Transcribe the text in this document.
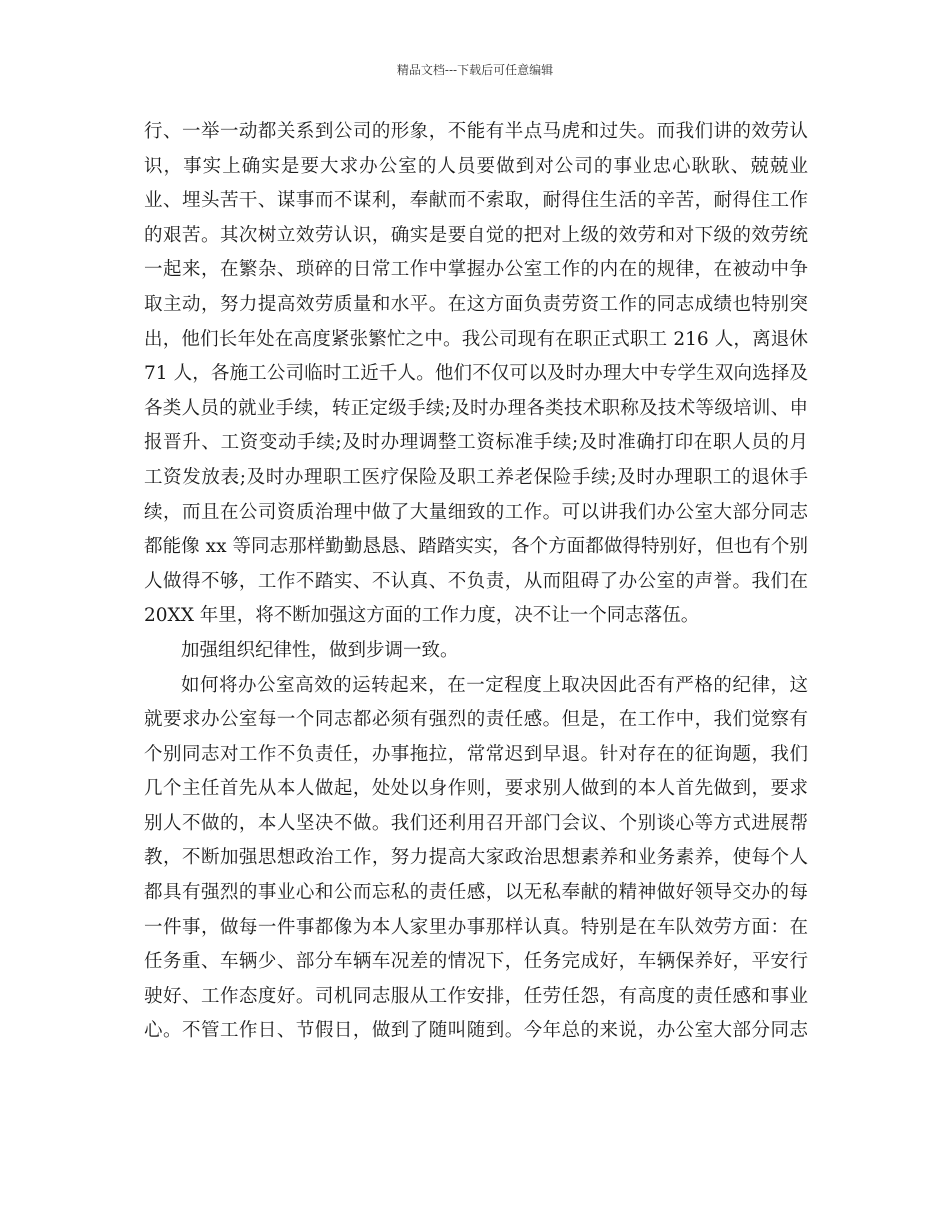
精品文档---下载后可任意编辑
行、一举一动都关系到公司的形象，不能有半点马虎和过失。而我们讲的效劳认
识，事实上确实是要大求办公室的人员要做到对公司的事业忠心耿耿、兢兢业
业、埋头苦干、谋事而不谋利，奉献而不索取，耐得住生活的辛苦，耐得住工作
的艰苦。其次树立效劳认识，确实是要自觉的把对上级的效劳和对下级的效劳统
一起来，在繁杂、琐碎的日常工作中掌握办公室工作的内在的规律，在被动中争
取主动，努力提高效劳质量和水平。在这方面负责劳资工作的同志成绩也特别突
出，他们长年处在高度紧张繁忙之中。我公司现有在职正式职工 216 人，离退休
71 人，各施工公司临时工近千人。他们不仅可以及时办理大中专学生双向选择及
各类人员的就业手续，转正定级手续;及时办理各类技术职称及技术等级培训、申
报晋升、工资变动手续;及时办理调整工资标准手续;及时准确打印在职人员的月
工资发放表;及时办理职工医疗保险及职工养老保险手续;及时办理职工的退休手
续，而且在公司资质治理中做了大量细致的工作。可以讲我们办公室大部分同志
都能像 xx 等同志那样勤勤恳恳、踏踏实实，各个方面都做得特别好，但也有个别
人做得不够，工作不踏实、不认真、不负责，从而阻碍了办公室的声誉。我们在
20XX 年里，将不断加强这方面的工作力度，决不让一个同志落伍。
加强组织纪律性，做到步调一致。
如何将办公室高效的运转起来，在一定程度上取决因此否有严格的纪律，这
就要求办公室每一个同志都必须有强烈的责任感。但是，在工作中，我们觉察有
个别同志对工作不负责任，办事拖拉，常常迟到早退。针对存在的征询题，我们
几个主任首先从本人做起，处处以身作则，要求别人做到的本人首先做到，要求
别人不做的，本人坚决不做。我们还利用召开部门会议、个别谈心等方式进展帮
教，不断加强思想政治工作，努力提高大家政治思想素养和业务素养，使每个人
都具有强烈的事业心和公而忘私的责任感，以无私奉献的精神做好领导交办的每
一件事，做每一件事都像为本人家里办事那样认真。特别是在车队效劳方面：在
任务重、车辆少、部分车辆车况差的情况下，任务完成好，车辆保养好，平安行
驶好、工作态度好。司机同志服从工作安排，任劳任怨，有高度的责任感和事业
心。不管工作日、节假日，做到了随叫随到。今年总的来说，办公室大部分同志
